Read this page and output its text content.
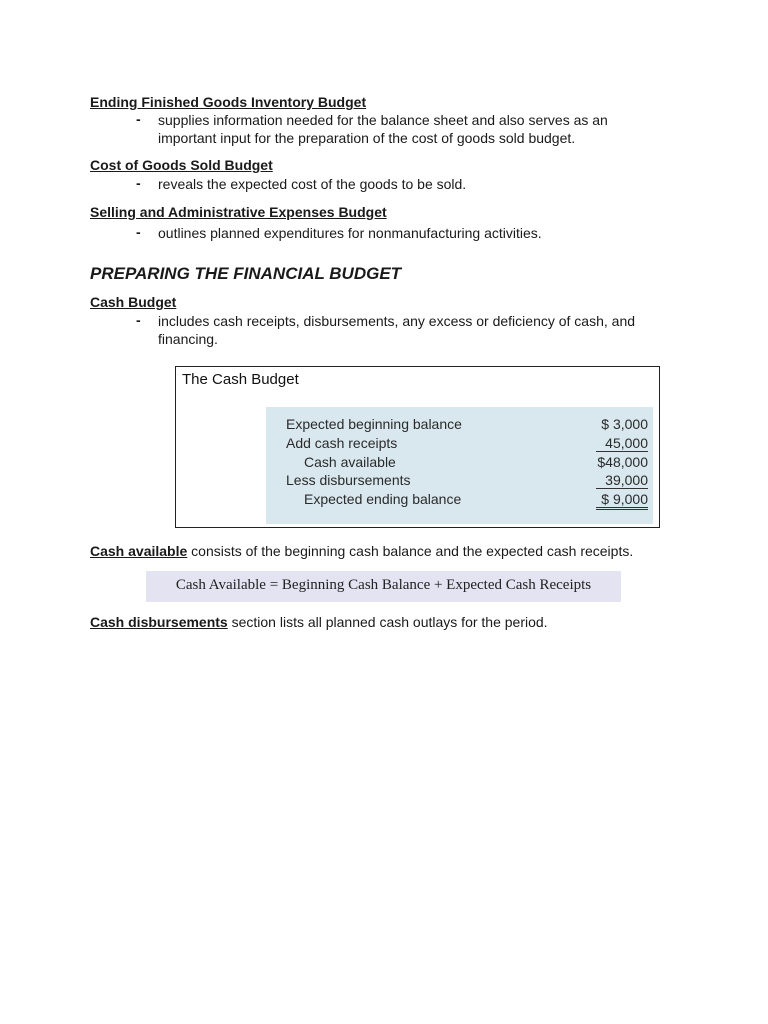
Ending Finished Goods Inventory Budget
- supplies information needed for the balance sheet and also serves as an
important input for the preparation of the cost of goods sold budget.
Cost of Goods Sold Budget
- reveals the expected cost of the goods to be sold.
Selling and Administrative Expenses Budget
- outlines planned expenditures for nonmanufacturing activities.
PREPARING THE FINANCIAL BUDGET
Cash Budget
- includes cash receipts, disbursements, any excess or deficiency of cash, and
financing.
The Cash Budget
Expected beginning balance	$ 3,000
Add cash receipts	45,000
Cash available	$48,000
Less disbursements	39,000
Expected ending balance	$ 9,000
Cash available consists of the beginning cash balance and the expected cash receipts.
Cash Available = Beginning Cash Balance + Expected Cash Receipts
Cash disbursements section lists all planned cash outlays for the period.
